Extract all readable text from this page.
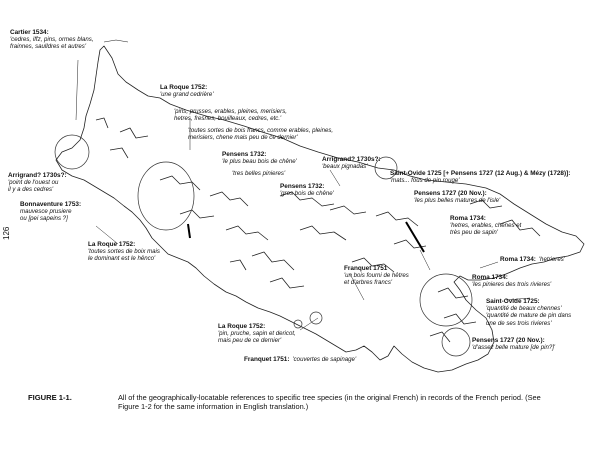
126
Cartier 1534:
'cedres, iffz, pins, ormes blans,
frainnes, saulldres et autres'
La Roque 1752:
'une grand cedrière'
'pins, prusses, erables, pleines, merisiers,
hetres, fresnes, bouilleaux, cedres, etc.'
'toutes sortes de bois francs, comme erables, pleines,
merisiers, chene mais peu de ce dernier'
Pensens 1732:
'le plus beau bois de chêne'
'tres belles pinieres'
Arrigrand? 1730s?:
'beaux pignadas'
Saint-Ovide 1725 [+ Pensens 1727 (12 Aug.) & Mézy (1728)]:
'mats... fous de pin rouge'
Arrigrand? 1730s?:
'point de l'ouest ou
il y a des cedres'	Pensens 1732:
'gros bois de chêne'	Pensens 1727 (20 Nov.):
'les plus belles matures de l'isle'
Bonnaventure 1753:
mauvesce prusiere
ou [pei sapeins ?]	Roma 1734:
'hetres, erables, chenes et
très peu de sapin'
La Roque 1752:
'toutes sortes de boix mais
le dominant est le hênco'	Roma 1734: 'hetrieres'
Franquet 1751
'un bois fourni de hêtres
et d'arbres francs'
Roma 1734:
'les pinieres des trois rivieres'
Saint-Ovide 1725:
'quantité de beaux chennes'
'quantité de mature de pin dans
une de ses trois rivieres'
La Roque 1752:
'pin, pruche, sapin et dericot,
mais peu de ce dernier'	Pensens 1727 (20 Nov.):
'd'assez belle mature [de pin?]'
Franquet 1751: 'couvertes de sapinage'
FIGURE 1-1.	All of the geographically-locatable references to specific tree species (in the original French) in records of the French period. (See Figure 1-2 for the same information in English translation.)
